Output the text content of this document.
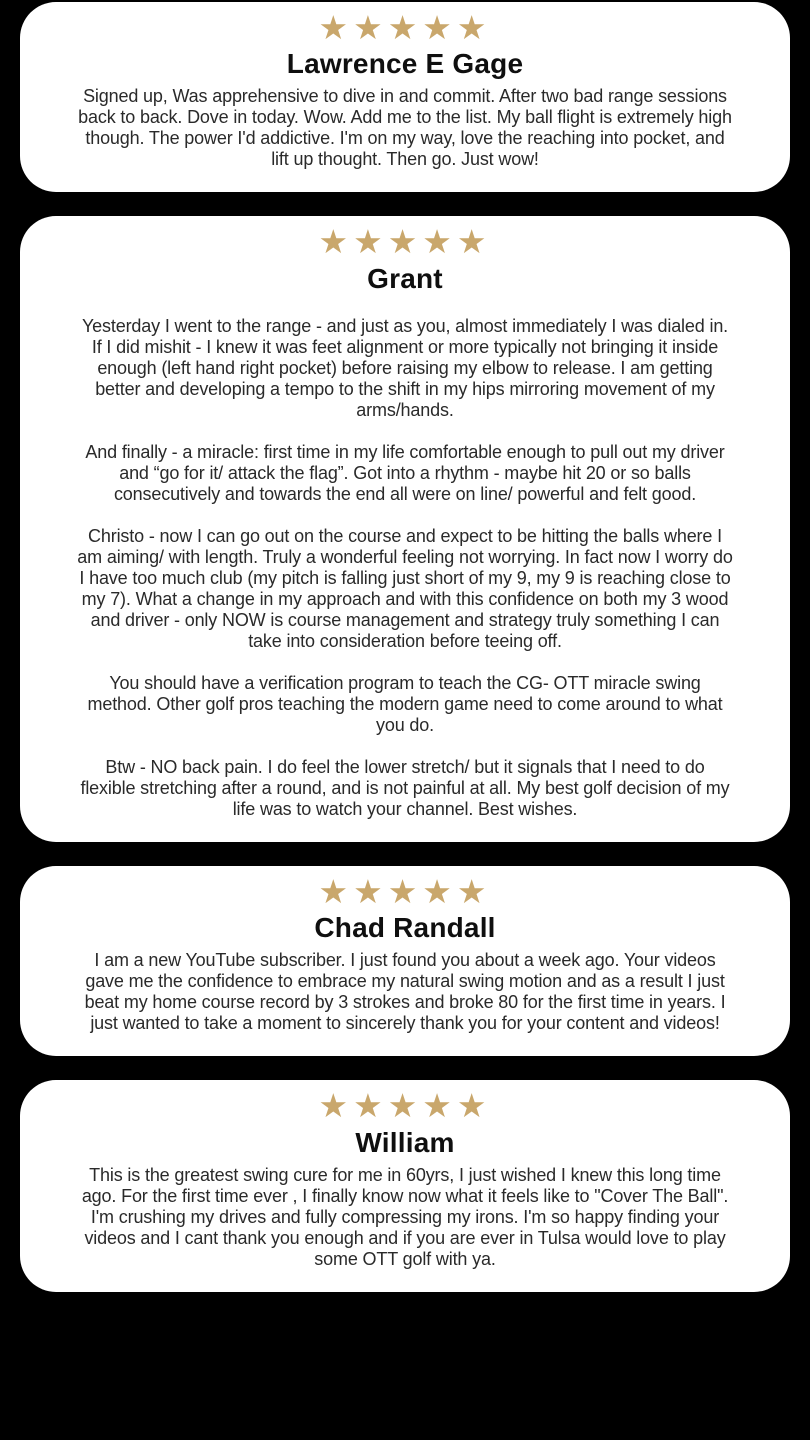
★★★★★
Lawrence E Gage

Signed up, Was apprehensive to dive in and commit. After two bad range sessions back to back. Dove in today. Wow. Add me to the list. My ball flight is extremely high though. The power I'd addictive. I'm on my way, love the reaching into pocket, and lift up thought. Then go. Just wow!

★★★★★
Grant

Yesterday I went to the range - and just as you, almost immediately I was dialed in. If I did mishit - I knew it was feet alignment or more typically not bringing it inside enough (left hand right pocket) before raising my elbow to release. I am getting better and developing a tempo to the shift in my hips mirroring movement of my arms/hands.

And finally - a miracle: first time in my life comfortable enough to pull out my driver and “go for it/ attack the flag”. Got into a rhythm - maybe hit 20 or so balls consecutively and towards the end all were on line/ powerful and felt good.

Christo - now I can go out on the course and expect to be hitting the balls where I am aiming/ with length. Truly a wonderful feeling not worrying. In fact now I worry do I have too much club (my pitch is falling just short of my 9, my 9 is reaching close to my 7). What a change in my approach and with this confidence on both my 3 wood and driver - only NOW is course management and strategy truly something I can take into consideration before teeing off.

You should have a verification program to teach the CG- OTT miracle swing method. Other golf pros teaching the modern game need to come around to what you do.

Btw - NO back pain. I do feel the lower stretch/ but it signals that I need to do flexible stretching after a round, and is not painful at all. My best golf decision of my life was to watch your channel. Best wishes.

★★★★★
Chad Randall

I am a new YouTube subscriber. I just found you about a week ago. Your videos gave me the confidence to embrace my natural swing motion and as a result I just beat my home course record by 3 strokes and broke 80 for the first time in years. I just wanted to take a moment to sincerely thank you for your content and videos!

★★★★★
William

This is the greatest swing cure for me in 60yrs, I just wished I knew this long time ago. For the first time ever , I finally know now what it feels like to "Cover The Ball". I'm crushing my drives and fully compressing my irons. I'm so happy finding your videos and I cant thank you enough and if you are ever in Tulsa would love to play some OTT golf with ya.
